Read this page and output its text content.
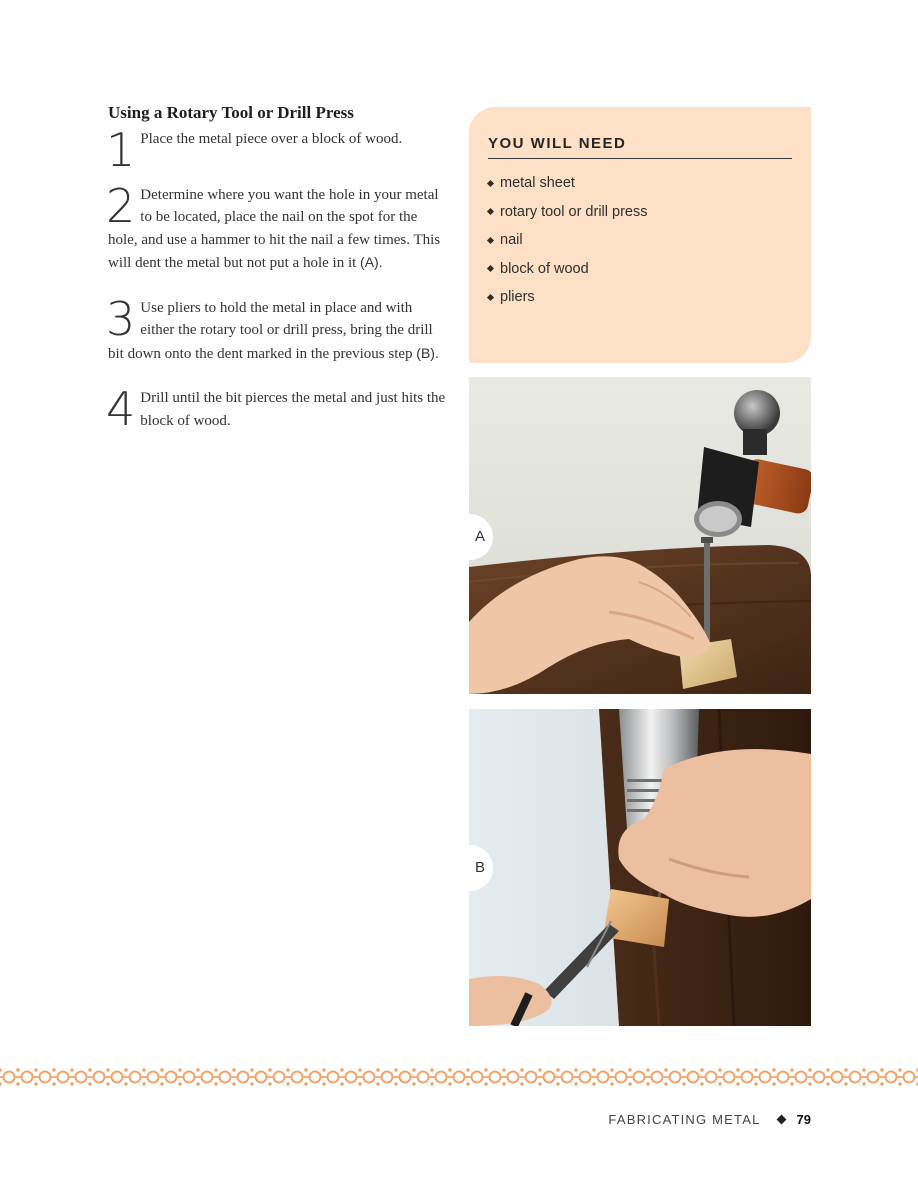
Using a Rotary Tool or Drill Press
1 Place the metal piece over a block of wood.

2 Determine where you want the hole in your metal to be located, place the nail on the spot for the hole, and use a hammer to hit the nail a few times. This will dent the metal but not put a hole in it (A).

3 Use pliers to hold the metal in place and with either the rotary tool or drill press, bring the drill bit down onto the dent marked in the previous step (B).

4 Drill until the bit pierces the metal and just hits the block of wood.

YOU WILL NEED
metal sheet
rotary tool or drill press
nail
block of wood
pliers
A
B
FABRICATING METAL	79
